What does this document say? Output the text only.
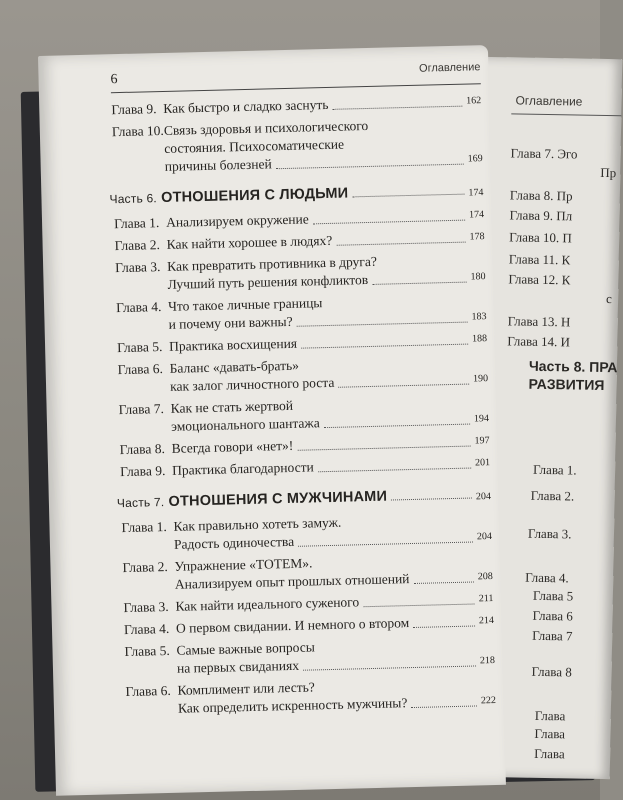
Оглавление
Глава 7. Эго
Пр
Глава 8. Пр
Глава 9. Пл
Глава 10. П
Глава 11. К
Глава 12. К
с
Глава 13. Н
Глава 14. И
Глава 1.
Глава 2.
Глава 3.
Глава 4.
Глава 5
Глава 6
Глава 7
Глава 8
Глава
Глава
Глава
Часть 8. ПРА
РАЗВИТИЯ
6
Оглавление
Глава 9. Как быстро и сладко заснуть	162
Глава 10. Связь здоровья и психологического
состояния. Психосоматические
причины болезней	169
Часть 6. ОТНОШЕНИЯ С ЛЮДЬМИ	174
Глава 1. Анализируем окружение	174
Глава 2. Как найти хорошее в людях?	178
Глава 3. Как превратить противника в друга?
Лучший путь решения конфликтов	180
Глава 4. Что такое личные границы
и почему они важны?	183
Глава 5. Практика восхищения	188
Глава 6. Баланс «давать-брать»
как залог личностного роста	190
Глава 7. Как не стать жертвой
эмоционального шантажа	194
Глава 8. Всегда говори «нет»!	197
Глава 9. Практика благодарности	201
Часть 7. ОТНОШЕНИЯ С МУЖЧИНАМИ	204
Глава 1. Как правильно хотеть замуж.
Радость одиночества	204
Глава 2. Упражнение «ТОТЕМ».
Анализируем опыт прошлых отношений	208
Глава 3. Как найти идеального суженого	211
Глава 4. О первом свидании. И немного о втором	214
Глава 5. Самые важные вопросы
на первых свиданиях	218
Глава 6. Комплимент или лесть?
Как определить искренность мужчины?	222
